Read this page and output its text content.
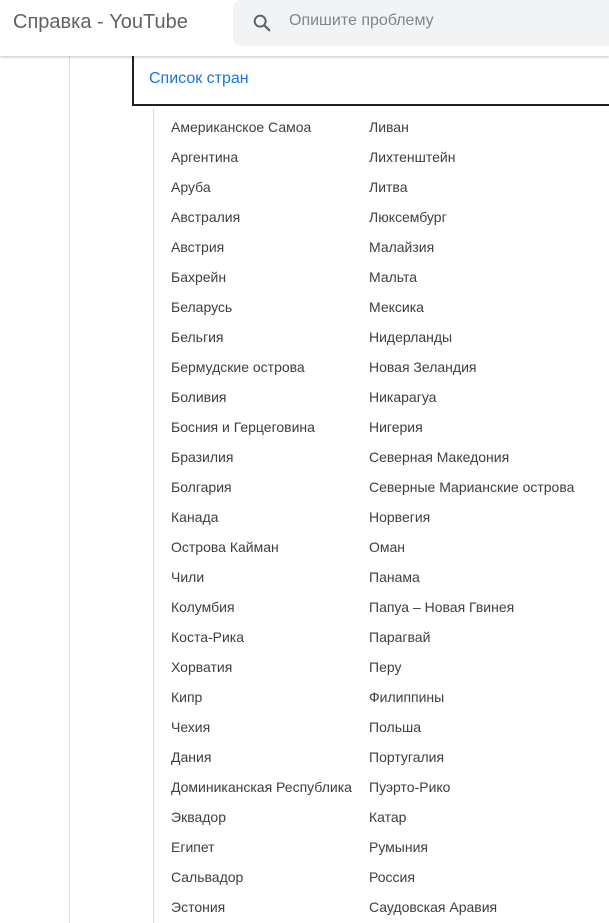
Справка - YouTube
Опишите проблему
Список стран
Американское Самоа
Аргентина
Аруба
Австралия
Австрия
Бахрейн
Беларусь
Бельгия
Бермудские острова
Боливия
Босния и Герцеговина
Бразилия
Болгария
Канада
Острова Кайман
Чили
Колумбия
Коста-Рика
Хорватия
Кипр
Чехия
Дания
Доминиканская Республика
Эквадор
Египет
Сальвадор
Эстония
Ливан
Лихтенштейн
Литва
Люксембург
Малайзия
Мальта
Мексика
Нидерланды
Новая Зеландия
Никарагуа
Нигерия
Северная Македония
Северные Марианские острова
Норвегия
Оман
Панама
Папуа – Новая Гвинея
Парагвай
Перу
Филиппины
Польша
Португалия
Пуэрто-Рико
Катар
Румыния
Россия
Саудовская Аравия
